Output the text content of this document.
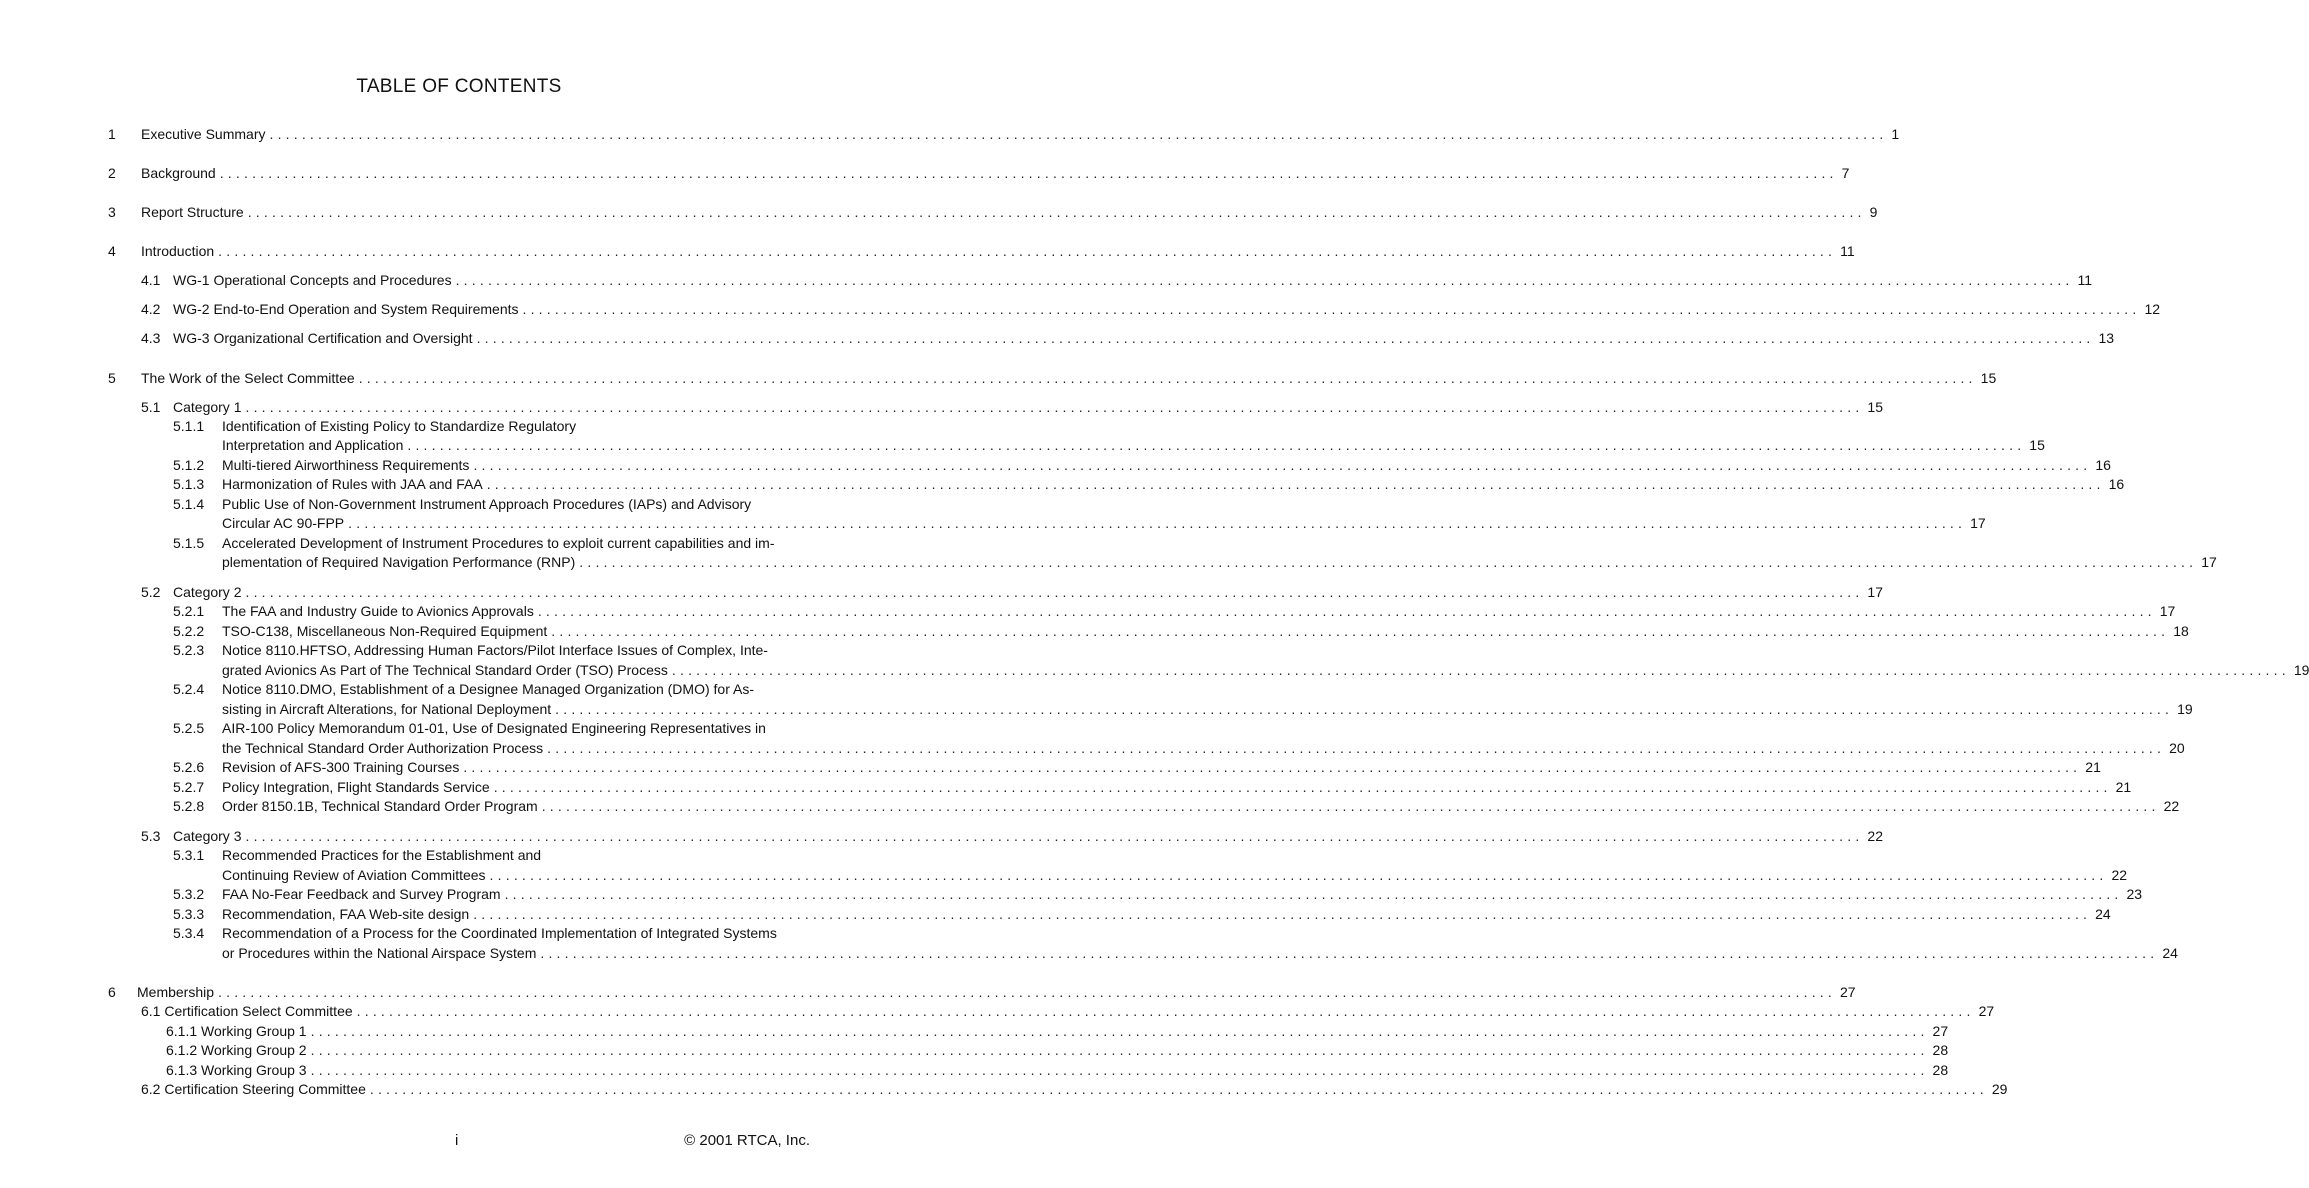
TABLE OF CONTENTS
1 Executive Summary ........................................................................................................................................................................................................ 1
2 Background ........................................................................................................................................................................................................ 7
3 Report Structure ........................................................................................................................................................................................................ 9
4 Introduction ........................................................................................................................................................................................................ 11
4.1 WG-1 Operational Concepts and Procedures ........................................................................................................................................................................................................ 11
4.2 WG-2 End-to-End Operation and System Requirements ........................................................................................................................................................................................................ 12
4.3 WG-3 Organizational Certification and Oversight ........................................................................................................................................................................................................ 13
5 The Work of the Select Committee ........................................................................................................................................................................................................ 15
5.1 Category 1 ........................................................................................................................................................................................................ 15
5.1.1 Identification of Existing Policy to Standardize Regulatory
Interpretation and Application ........................................................................................................................................................................................................ 15
5.1.2 Multi-tiered Airworthiness Requirements ........................................................................................................................................................................................................ 16
5.1.3 Harmonization of Rules with JAA and FAA ........................................................................................................................................................................................................ 16
5.1.4 Public Use of Non-Government Instrument Approach Procedures (IAPs) and Advisory
Circular AC 90-FPP ........................................................................................................................................................................................................ 17
5.1.5 Accelerated Development of Instrument Procedures to exploit current capabilities and im-
plementation of Required Navigation Performance (RNP) ........................................................................................................................................................................................................ 17
5.2 Category 2 ........................................................................................................................................................................................................ 17
5.2.1 The FAA and Industry Guide to Avionics Approvals ........................................................................................................................................................................................................ 17
5.2.2 TSO-C138, Miscellaneous Non-Required Equipment ........................................................................................................................................................................................................ 18
5.2.3 Notice 8110.HFTSO, Addressing Human Factors/Pilot Interface Issues of Complex, Inte-
grated Avionics As Part of The Technical Standard Order (TSO) Process ........................................................................................................................................................................................................ 19
5.2.4 Notice 8110.DMO, Establishment of a Designee Managed Organization (DMO) for As-
sisting in Aircraft Alterations, for National Deployment ........................................................................................................................................................................................................ 19
5.2.5 AIR-100 Policy Memorandum 01-01, Use of Designated Engineering Representatives in
the Technical Standard Order Authorization Process ........................................................................................................................................................................................................ 20
5.2.6 Revision of AFS-300 Training Courses ........................................................................................................................................................................................................ 21
5.2.7 Policy Integration, Flight Standards Service ........................................................................................................................................................................................................ 21
5.2.8 Order 8150.1B, Technical Standard Order Program ........................................................................................................................................................................................................ 22
5.3 Category 3 ........................................................................................................................................................................................................ 22
5.3.1 Recommended Practices for the Establishment and
Continuing Review of Aviation Committees ........................................................................................................................................................................................................ 22
5.3.2 FAA No-Fear Feedback and Survey Program ........................................................................................................................................................................................................ 23
5.3.3 Recommendation, FAA Web-site design ........................................................................................................................................................................................................ 24
5.3.4 Recommendation of a Process for the Coordinated Implementation of Integrated Systems
or Procedures within the National Airspace System ........................................................................................................................................................................................................ 24
6 Membership ........................................................................................................................................................................................................ 27
6.1 Certification Select Committee ........................................................................................................................................................................................................ 27
6.1.1 Working Group 1 ........................................................................................................................................................................................................ 27
6.1.2 Working Group 2 ........................................................................................................................................................................................................ 28
6.1.3 Working Group 3 ........................................................................................................................................................................................................ 28
6.2 Certification Steering Committee ........................................................................................................................................................................................................ 29
i	© 2001 RTCA, Inc.
